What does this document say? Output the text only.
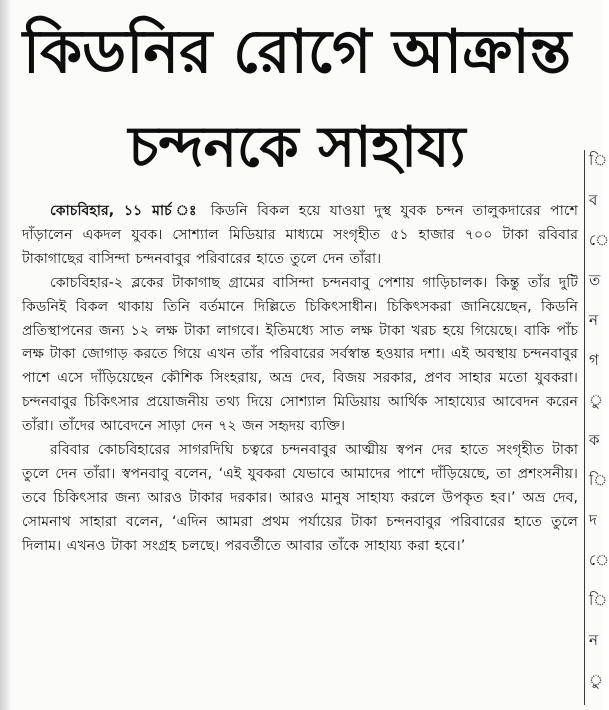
কিডনির রোগে আক্রান্ত
চন্দনকে সাহায্য

কোচবিহার, ১১ মার্চ ঃ কিডনি বিকল হয়ে যাওয়া দুস্থ যুবক চন্দন তালুকদারের পাশে দাঁড়ালেন একদল যুবক। সোশ্যাল মিডিয়ার মাধ্যমে সংগৃহীত ৫১ হাজার ৭০০ টাকা রবিবার টাকাগাছের বাসিন্দা চন্দনবাবুর পরিবারের হাতে তুলে দেন তাঁরা।

কোচবিহার-২ ব্লকের টাকাগাছ গ্রামের বাসিন্দা চন্দনবাবু পেশায় গাড়িচালক। কিন্তু তাঁর দুটি কিডনিই বিকল থাকায় তিনি বর্তমানে দিল্লিতে চিকিৎসাধীন। চিকিৎসকরা জানিয়েছেন, কিডনি প্রতিস্থাপনের জন্য ১২ লক্ষ টাকা লাগবে। ইতিমধ্যে সাত লক্ষ টাকা খরচ হয়ে গিয়েছে। বাকি পাঁচ লক্ষ টাকা জোগাড় করতে গিয়ে এখন তাঁর পরিবারের সর্বস্বান্ত হওয়ার দশা। এই অবস্থায় চন্দনবাবুর পাশে এসে দাঁড়িয়েছেন কৌশিক সিংহরায়, অভ্র দেব, বিজয় সরকার, প্রণব সাহার মতো যুবকরা। চন্দনবাবুর চিকিৎসার প্রয়োজনীয় তথ্য দিয়ে সোশ্যাল মিডিয়ায় আর্থিক সাহায্যের আবেদন করেন তাঁরা। তাঁদের আবেদনে সাড়া দেন ৭২ জন সহৃদয় ব্যক্তি।

রবিবার কোচবিহারের সাগরদিঘি চত্বরে চন্দনবাবুর আত্মীয় স্বপন দের হাতে সংগৃহীত টাকা তুলে দেন তাঁরা। স্বপনবাবু বলেন, ‘এই যুবকরা যেভাবে আমাদের পাশে দাঁড়িয়েছে, তা প্রশংসনীয়। তবে চিকিৎসার জন্য আরও টাকার দরকার। আরও মানুষ সাহায্য করলে উপকৃত হব।’ অভ্র দেব, সোমনাথ সাহারা বলেন, ‘এদিন আমরা প্রথম পর্যায়ের টাকা চন্দনবাবুর পরিবারের হাতে তুলে দিলাম। এখনও টাকা সংগ্রহ চলছে। পরবর্তীতে আবার তাঁকে সাহায্য করা হবে।’

ি
ব
ে
ত
ন
গ
ু
ক
ি
দ
ে
ি
ন
ু
